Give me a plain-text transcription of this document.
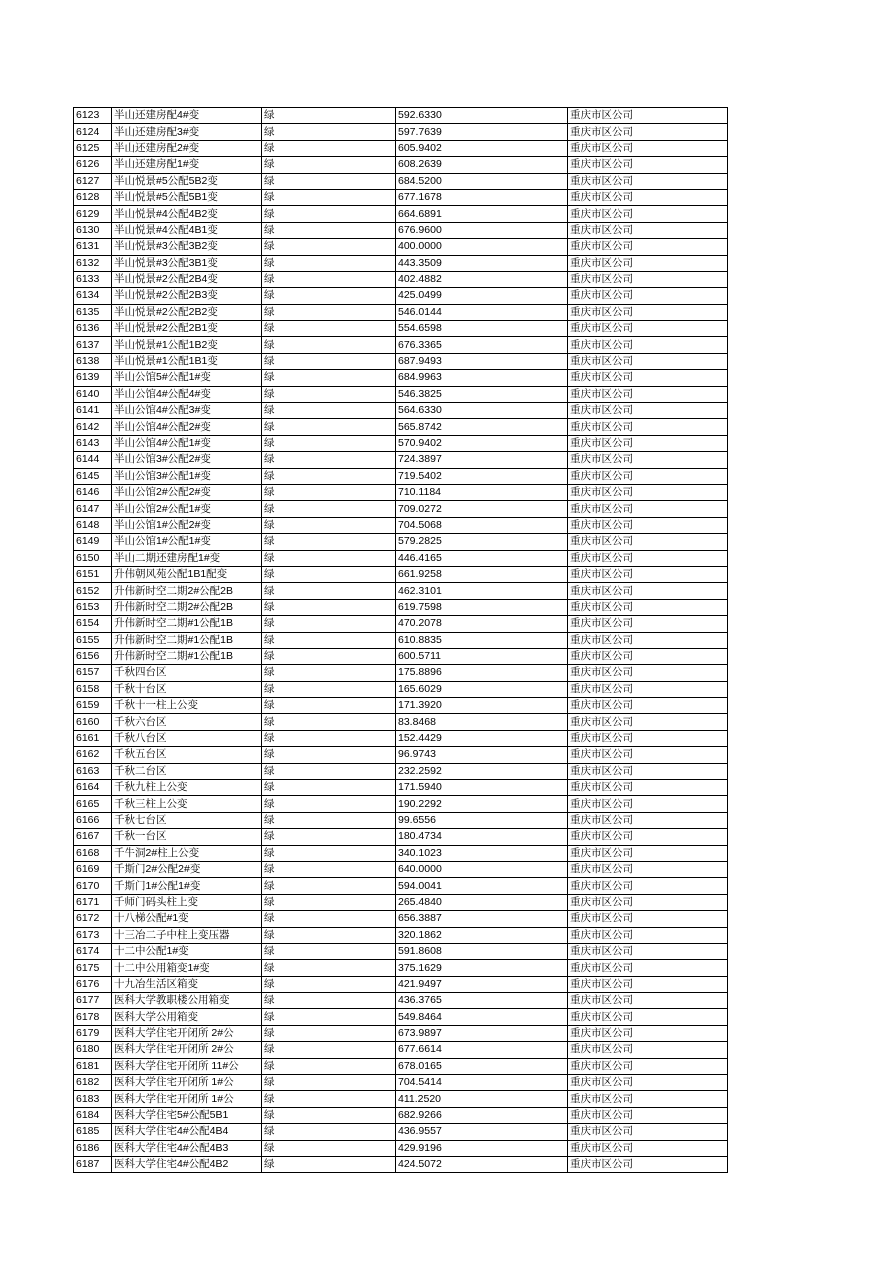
6123	半山还建房配4#变	绿	592.6330	重庆市区公司
6124	半山还建房配3#变	绿	597.7639	重庆市区公司
6125	半山还建房配2#变	绿	605.9402	重庆市区公司
6126	半山还建房配1#变	绿	608.2639	重庆市区公司
6127	半山悦景#5公配5B2变	绿	684.5200	重庆市区公司
6128	半山悦景#5公配5B1变	绿	677.1678	重庆市区公司
6129	半山悦景#4公配4B2变	绿	664.6891	重庆市区公司
6130	半山悦景#4公配4B1变	绿	676.9600	重庆市区公司
6131	半山悦景#3公配3B2变	绿	400.0000	重庆市区公司
6132	半山悦景#3公配3B1变	绿	443.3509	重庆市区公司
6133	半山悦景#2公配2B4变	绿	402.4882	重庆市区公司
6134	半山悦景#2公配2B3变	绿	425.0499	重庆市区公司
6135	半山悦景#2公配2B2变	绿	546.0144	重庆市区公司
6136	半山悦景#2公配2B1变	绿	554.6598	重庆市区公司
6137	半山悦景#1公配1B2变	绿	676.3365	重庆市区公司
6138	半山悦景#1公配1B1变	绿	687.9493	重庆市区公司
6139	半山公馆5#公配1#变	绿	684.9963	重庆市区公司
6140	半山公馆4#公配4#变	绿	546.3825	重庆市区公司
6141	半山公馆4#公配3#变	绿	564.6330	重庆市区公司
6142	半山公馆4#公配2#变	绿	565.8742	重庆市区公司
6143	半山公馆4#公配1#变	绿	570.9402	重庆市区公司
6144	半山公馆3#公配2#变	绿	724.3897	重庆市区公司
6145	半山公馆3#公配1#变	绿	719.5402	重庆市区公司
6146	半山公馆2#公配2#变	绿	710.1184	重庆市区公司
6147	半山公馆2#公配1#变	绿	709.0272	重庆市区公司
6148	半山公馆1#公配2#变	绿	704.5068	重庆市区公司
6149	半山公馆1#公配1#变	绿	579.2825	重庆市区公司
6150	半山二期还建房配1#变	绿	446.4165	重庆市区公司
6151	升伟朝风苑公配1B1配变	绿	661.9258	重庆市区公司
6152	升伟新时空二期2#公配2B	绿	462.3101	重庆市区公司
6153	升伟新时空二期2#公配2B	绿	619.7598	重庆市区公司
6154	升伟新时空二期#1公配1B	绿	470.2078	重庆市区公司
6155	升伟新时空二期#1公配1B	绿	610.8835	重庆市区公司
6156	升伟新时空二期#1公配1B	绿	600.5711	重庆市区公司
6157	千秋四台区	绿	175.8896	重庆市区公司
6158	千秋十台区	绿	165.6029	重庆市区公司
6159	千秋十一柱上公变	绿	171.3920	重庆市区公司
6160	千秋六台区	绿	83.8468	重庆市区公司
6161	千秋八台区	绿	152.4429	重庆市区公司
6162	千秋五台区	绿	96.9743	重庆市区公司
6163	千秋二台区	绿	232.2592	重庆市区公司
6164	千秋九柱上公变	绿	171.5940	重庆市区公司
6165	千秋三柱上公变	绿	190.2292	重庆市区公司
6166	千秋七台区	绿	99.6556	重庆市区公司
6167	千秋一台区	绿	180.4734	重庆市区公司
6168	千牛洞2#柱上公变	绿	340.1023	重庆市区公司
6169	千斯门2#公配2#变	绿	640.0000	重庆市区公司
6170	千斯门1#公配1#变	绿	594.0041	重庆市区公司
6171	千师门码头柱上变	绿	265.4840	重庆市区公司
6172	十八梯公配#1变	绿	656.3887	重庆市区公司
6173	十三冶二子中柱上变压器	绿	320.1862	重庆市区公司
6174	十二中公配1#变	绿	591.8608	重庆市区公司
6175	十二中公用箱变1#变	绿	375.1629	重庆市区公司
6176	十九冶生活区箱变	绿	421.9497	重庆市区公司
6177	医科大学教职楼公用箱变	绿	436.3765	重庆市区公司
6178	医科大学公用箱变	绿	549.8464	重庆市区公司
6179	医科大学住宅开闭所 2#公	绿	673.9897	重庆市区公司
6180	医科大学住宅开闭所 2#公	绿	677.6614	重庆市区公司
6181	医科大学住宅开闭所 11#公	绿	678.0165	重庆市区公司
6182	医科大学住宅开闭所 1#公	绿	704.5414	重庆市区公司
6183	医科大学住宅开闭所 1#公	绿	411.2520	重庆市区公司
6184	医科大学住宅5#公配5B1	绿	682.9266	重庆市区公司
6185	医科大学住宅4#公配4B4	绿	436.9557	重庆市区公司
6186	医科大学住宅4#公配4B3	绿	429.9196	重庆市区公司
6187	医科大学住宅4#公配4B2	绿	424.5072	重庆市区公司
